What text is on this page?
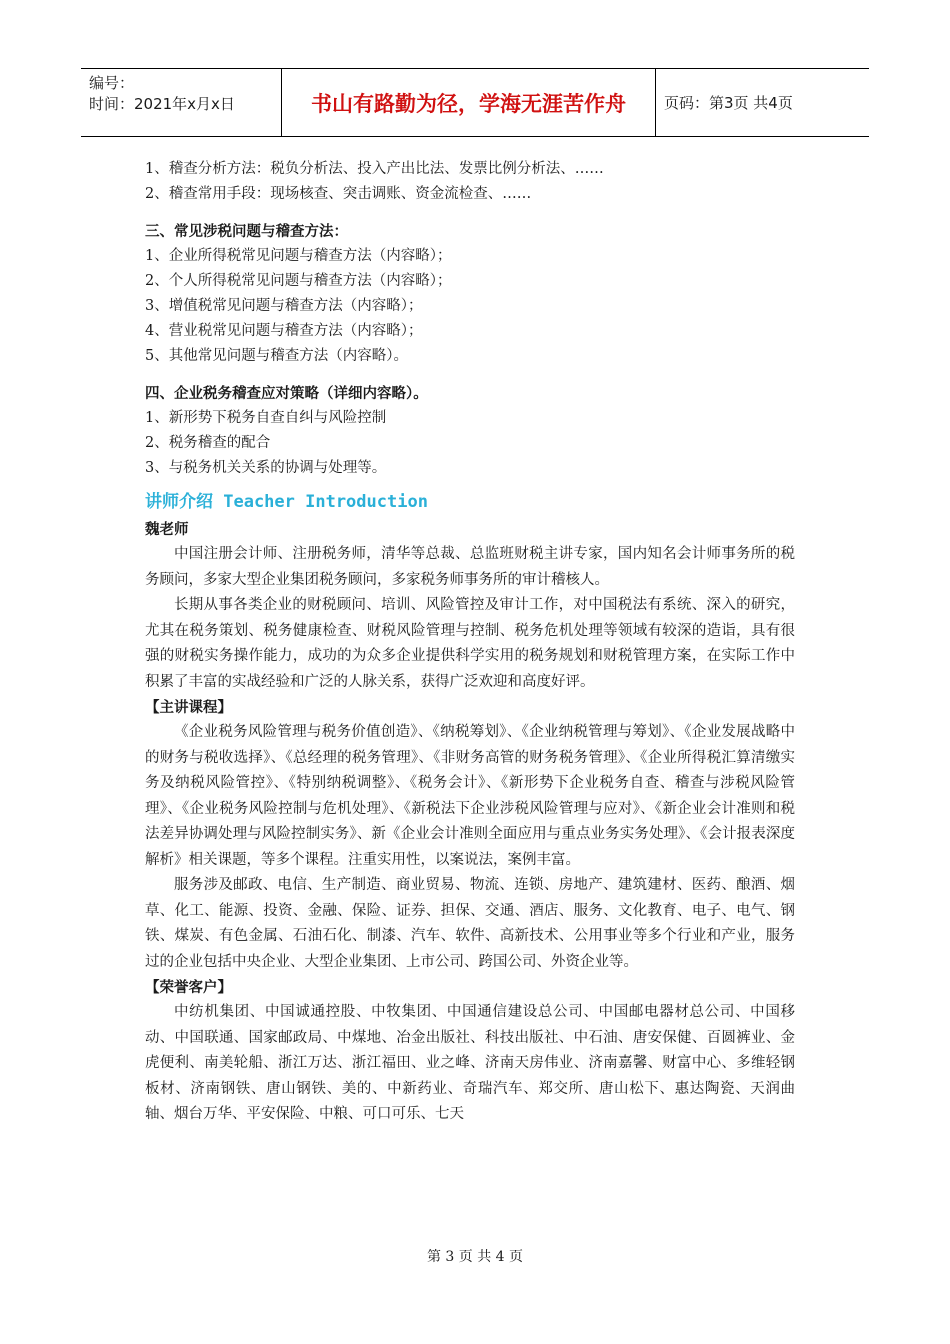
编号：
时间：2021年x月x日	书山有路勤为径，学海无涯苦作舟	页码：第3页 共4页
1、稽查分析方法：税负分析法、投入产出比法、发票比例分析法、……
2、稽查常用手段：现场核查、突击调账、资金流检查、……
三、常见涉税问题与稽查方法：
1、企业所得税常见问题与稽查方法（内容略）；
2、个人所得税常见问题与稽查方法（内容略）；
3、增值税常见问题与稽查方法（内容略）；
4、营业税常见问题与稽查方法（内容略）；
5、其他常见问题与稽查方法（内容略）。
四、企业税务稽查应对策略（详细内容略）。
1、新形势下税务自查自纠与风险控制
2、税务稽查的配合
3、与税务机关关系的协调与处理等。
讲师介绍 Teacher Introduction
魏老师
中国注册会计师、注册税务师，清华等总裁、总监班财税主讲专家，国内知名会计师事务所的税务顾问，多家大型企业集团税务顾问，多家税务师事务所的审计稽核人。
长期从事各类企业的财税顾问、培训、风险管控及审计工作，对中国税法有系统、深入的研究，尤其在税务策划、税务健康检查、财税风险管理与控制、税务危机处理等领域有较深的造诣，具有很强的财税实务操作能力，成功的为众多企业提供科学实用的税务规划和财税管理方案，在实际工作中积累了丰富的实战经验和广泛的人脉关系，获得广泛欢迎和高度好评。
【主讲课程】
《企业税务风险管理与税务价值创造》、《纳税筹划》、《企业纳税管理与筹划》、《企业发展战略中的财务与税收选择》、《总经理的税务管理》、《非财务高管的财务税务管理》、《企业所得税汇算清缴实务及纳税风险管控》、《特别纳税调整》、《税务会计》、《新形势下企业税务自查、稽查与涉税风险管理》、《企业税务风险控制与危机处理》、《新税法下企业涉税风险管理与应对》、《新企业会计准则和税法差异协调处理与风险控制实务》、新《企业会计准则全面应用与重点业务实务处理》、《会计报表深度解析》相关课题，等多个课程。注重实用性，以案说法，案例丰富。
服务涉及邮政、电信、生产制造、商业贸易、物流、连锁、房地产、建筑建材、医药、酿酒、烟草、化工、能源、投资、金融、保险、证券、担保、交通、酒店、服务、文化教育、电子、电气、钢铁、煤炭、有色金属、石油石化、制漆、汽车、软件、高新技术、公用事业等多个行业和产业，服务过的企业包括中央企业、大型企业集团、上市公司、跨国公司、外资企业等。
【荣誉客户】
中纺机集团、中国诚通控股、中牧集团、中国通信建设总公司、中国邮电器材总公司、中国移动、中国联通、国家邮政局、中煤地、冶金出版社、科技出版社、中石油、唐安保健、百圆裤业、金虎便利、南美轮船、浙江万达、浙江福田、业之峰、济南天房伟业、济南嘉馨、财富中心、多维轻钢板材、济南钢铁、唐山钢铁、美的、中新药业、奇瑞汽车、郑交所、唐山松下、惠达陶瓷、天润曲轴、烟台万华、平安保险、中粮、可口可乐、七天
第 3 页 共 4 页
